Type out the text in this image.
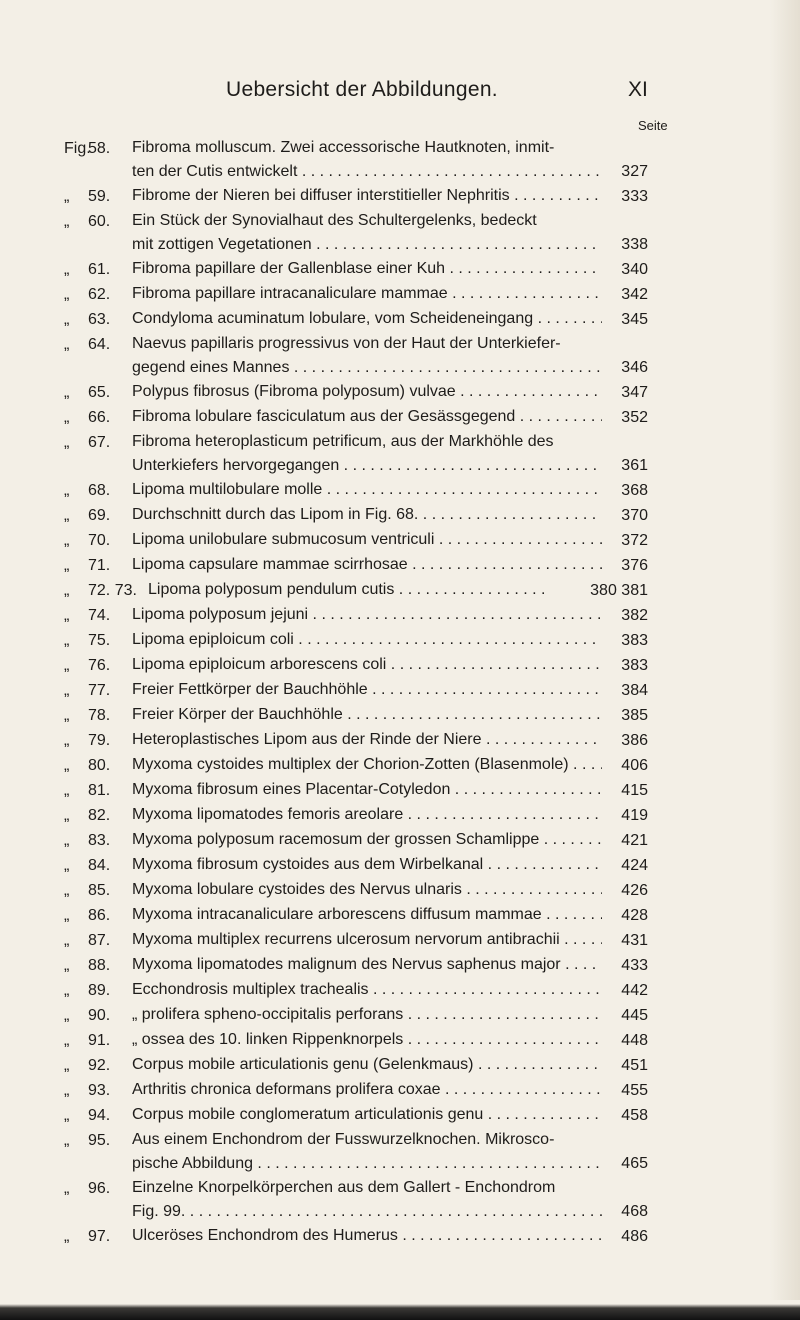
Uebersicht der Abbildungen.	XI
Seite
Fig.
58.	Fibroma molluscum. Zwei accessorische Hautknoten, inmit-
ten der Cutis entwickelt . . .	327
„	59.	Fibrome der Nieren bei diffuser interstitieller Nephritis . . .	333
„	60.	Ein Stück der Synovialhaut des Schultergelenks, bedeckt
mit zottigen Vegetationen . . .	338
„	61.	Fibroma papillare der Gallenblase einer Kuh . . .	340
„	62.	Fibroma papillare intracanaliculare mammae . . .	342
„	63.	Condyloma acuminatum lobulare, vom Scheideneingang . . .	345
„	64.	Naevus papillaris progressivus von der Haut der Unterkiefer-
gegend eines Mannes . . .	346
„	65.	Polypus fibrosus (Fibroma polyposum) vulvae . . .	347
„	66.	Fibroma lobulare fasciculatum aus der Gesässgegend . . .	352
„	67.	Fibroma heteroplasticum petrificum, aus der Markhöhle des
Unterkiefers hervorgegangen . . .	361
„	68.	Lipoma multilobulare molle . . .	368
„	69.	Durchschnitt durch das Lipom in Fig. 68. . . .	370
„	70.	Lipoma unilobulare submucosum ventriculi . . .	372
„	71.	Lipoma capsulare mammae scirrhosae . . .	376
„	72. 73. Lipoma polyposum pendulum cutis . . .	380 381
„	74.	Lipoma polyposum jejuni . . .	382
„	75.	Lipoma epiploicum coli . . .	383
„	76.	Lipoma epiploicum arborescens coli . . .	383
„	77.	Freier Fettkörper der Bauchhöhle . . .	384
„	78.	Freier Körper der Bauchhöhle . . .	385
„	79.	Heteroplastisches Lipom aus der Rinde der Niere . . .	386
„	80.	Myxoma cystoides multiplex der Chorion-Zotten (Blasenmole) . . .	406
„	81.	Myxoma fibrosum eines Placentar-Cotyledon . . .	415
„	82.	Myxoma lipomatodes femoris areolare . . .	419
„	83.	Myxoma polyposum racemosum der grossen Schamlippe . . .	421
„	84.	Myxoma fibrosum cystoides aus dem Wirbelkanal . . .	424
„	85.	Myxoma lobulare cystoides des Nervus ulnaris . . .	426
„	86.	Myxoma intracanaliculare arborescens diffusum mammae . . .	428
„	87.	Myxoma multiplex recurrens ulcerosum nervorum antibrachii . . .	431
„	88.	Myxoma lipomatodes malignum des Nervus saphenus major . . .	433
„	89.	Ecchondrosis multiplex trachealis . . .	442
„	90.	„ prolifera spheno-occipitalis perforans . . .	445
„	91.	„ ossea des 10. linken Rippenknorpels . . .	448
„	92.	Corpus mobile articulationis genu (Gelenkmaus) . . .	451
„	93.	Arthritis chronica deformans prolifera coxae . . .	455
„	94.	Corpus mobile conglomeratum articulationis genu . . .	458
„	95.	Aus einem Enchondrom der Fusswurzelknochen. Mikrosco-
pische Abbildung . . .	465
„	96.	Einzelne Knorpelkörperchen aus dem Gallert - Enchondrom
Fig. 99. . . .	468
„	97.	Ulceröses Enchondrom des Humerus . . .	486
